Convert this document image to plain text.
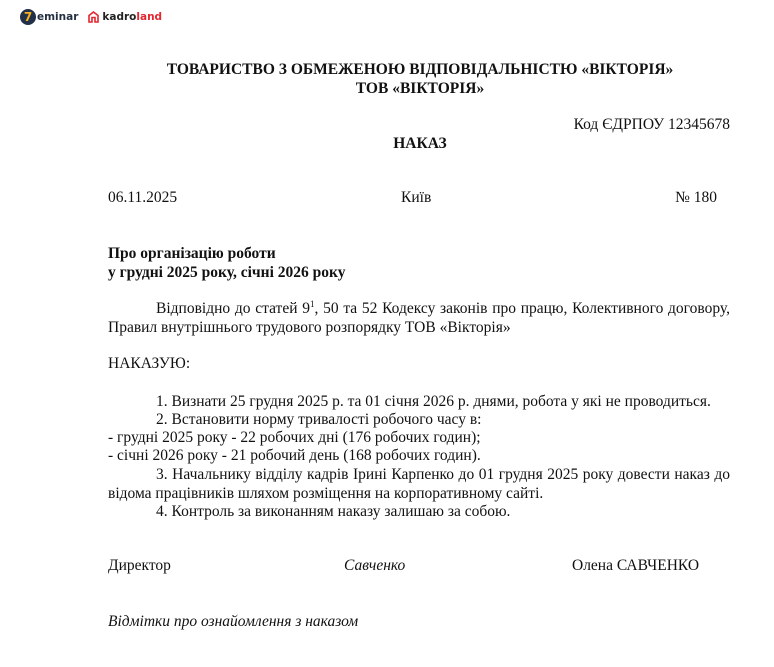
7 eminar kadro land
ТОВАРИСТВО З ОБМЕЖЕНОЮ ВІДПОВІДАЛЬНІСТЮ «ВІКТОРІЯ»
ТОВ «ВІКТОРІЯ»
Код ЄДРПОУ 12345678
НАКАЗ
06.11.2025	Київ	№ 180
Про організацію роботи
у грудні 2025 року, січні 2026 року
Відповідно до статей $9^1$, 50 та 52 Кодексу законів про працю, Колективного договору, Правил внутрішнього трудового розпорядку ТОВ «Вікторія»
НАКАЗУЮ:
1. Визнати 25 грудня 2025 р. та 01 січня 2026 р. днями, робота у які не проводиться.
2. Встановити норму тривалості робочого часу в:
- грудні 2025 року - 22 робочих дні (176 робочих годин);
- січні 2026 року - 21 робочий день (168 робочих годин).
3. Начальнику відділу кадрів Ірині Карпенко до 01 грудня 2025 року довести наказ до відома працівників шляхом розміщення на корпоративному сайті.
4. Контроль за виконанням наказу залишаю за собою.
Директор	Савченко	Олена САВЧЕНКО
Відмітки про ознайомлення з наказом
